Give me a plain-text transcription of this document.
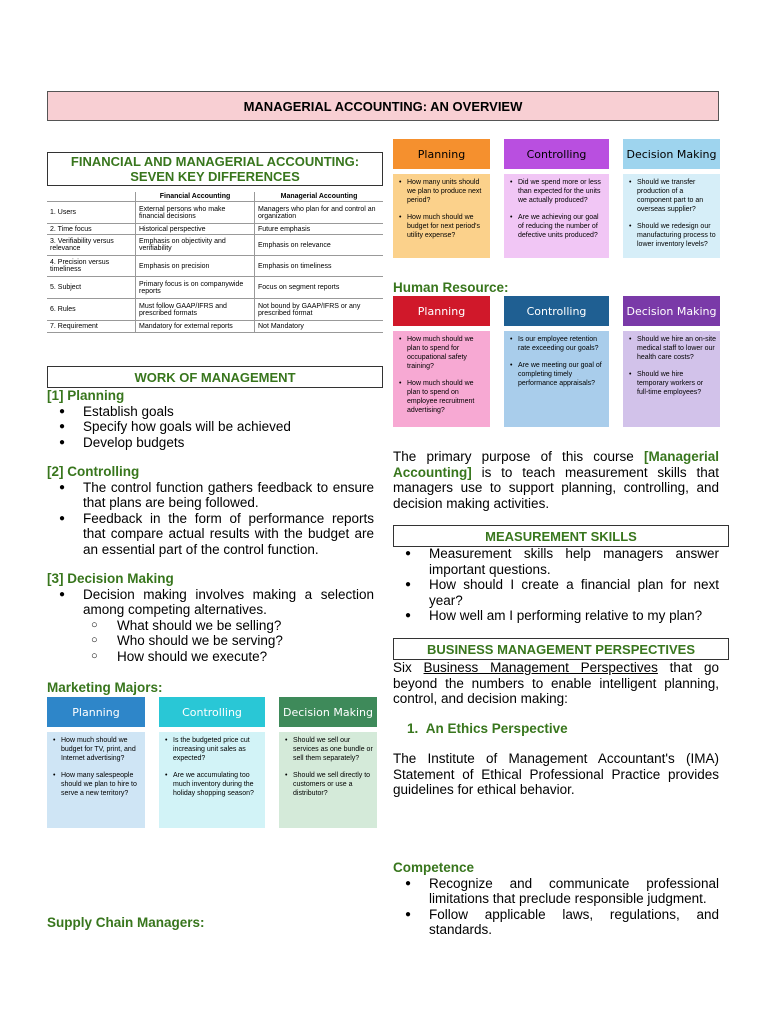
MANAGERIAL ACCOUNTING: AN OVERVIEW
FINANCIAL AND MANAGERIAL ACCOUNTING:
SEVEN KEY DIFFERENCES
	Financial Accounting	Managerial Accounting
1. Users	External persons who make financial decisions	Managers who plan for and control an organization
2. Time focus	Historical perspective	Future emphasis
3. Verifiability versus relevance	Emphasis on objectivity and verifiability	Emphasis on relevance
4. Precision versus timeliness	Emphasis on precision	Emphasis on timeliness
5. Subject	Primary focus is on companywide reports	Focus on segment reports
6. Rules	Must follow GAAP/IFRS and prescribed formats	Not bound by GAAP/IFRS or any prescribed format
7. Requirement	Mandatory for external reports	Not Mandatory
WORK OF MANAGEMENT
[1] Planning
● Establish goals
● Specify how goals will be achieved
● Develop budgets
[2] Controlling
● The control function gathers feedback to ensure that plans are being followed.
● Feedback in the form of performance reports that compare actual results with the budget are an essential part of the control function.
[3] Decision Making
● Decision making involves making a selection among competing alternatives.
○ What should we be selling?
○ Who should we be serving?
○ How should we execute?
Marketing Majors:
Planning

• How much should we budget for TV, print, and Internet advertising?

• How many salespeople should we plan to hire to serve a new territory?

Controlling

• Is the budgeted price cut increasing unit sales as expected?

• Are we accumulating too much inventory during the holiday shopping season?

Decision Making

• Should we sell our services as one bundle or sell them separately?

• Should we sell directly to customers or use a distributor?

Supply Chain Managers:
Planning

• How many units should we plan to produce next period?

• How much should we budget for next period's utility expense?

Controlling

• Did we spend more or less than expected for the units we actually produced?

• Are we achieving our goal of reducing the number of defective units produced?

Decision Making

• Should we transfer production of a component part to an overseas supplier?

• Should we redesign our manufacturing process to lower inventory levels?

Human Resource:
Planning

• How much should we plan to spend for occupational safety training?

• How much should we plan to spend on employee recruitment advertising?

Controlling

• Is our employee retention rate exceeding our goals?

• Are we meeting our goal of completing timely performance appraisals?

Decision Making

• Should we hire an on-site medical staff to lower our health care costs?

• Should we hire temporary workers or full-time employees?

The primary purpose of this course [Managerial Accounting] is to teach measurement skills that managers use to support planning, controlling, and decision making activities.
MEASUREMENT SKILLS
● Measurement skills help managers answer important questions.
● How should I create a financial plan for next year?
● How well am I performing relative to my plan?
BUSINESS MANAGEMENT PERSPECTIVES
Six Business Management Perspectives that go beyond the numbers to enable intelligent planning, control, and decision making:
1. An Ethics Perspective
The Institute of Management Accountant's (IMA) Statement of Ethical Professional Practice provides guidelines for ethical behavior.
Competence
● Recognize and communicate professional limitations that preclude responsible judgment.
● Follow applicable laws, regulations, and standards.
